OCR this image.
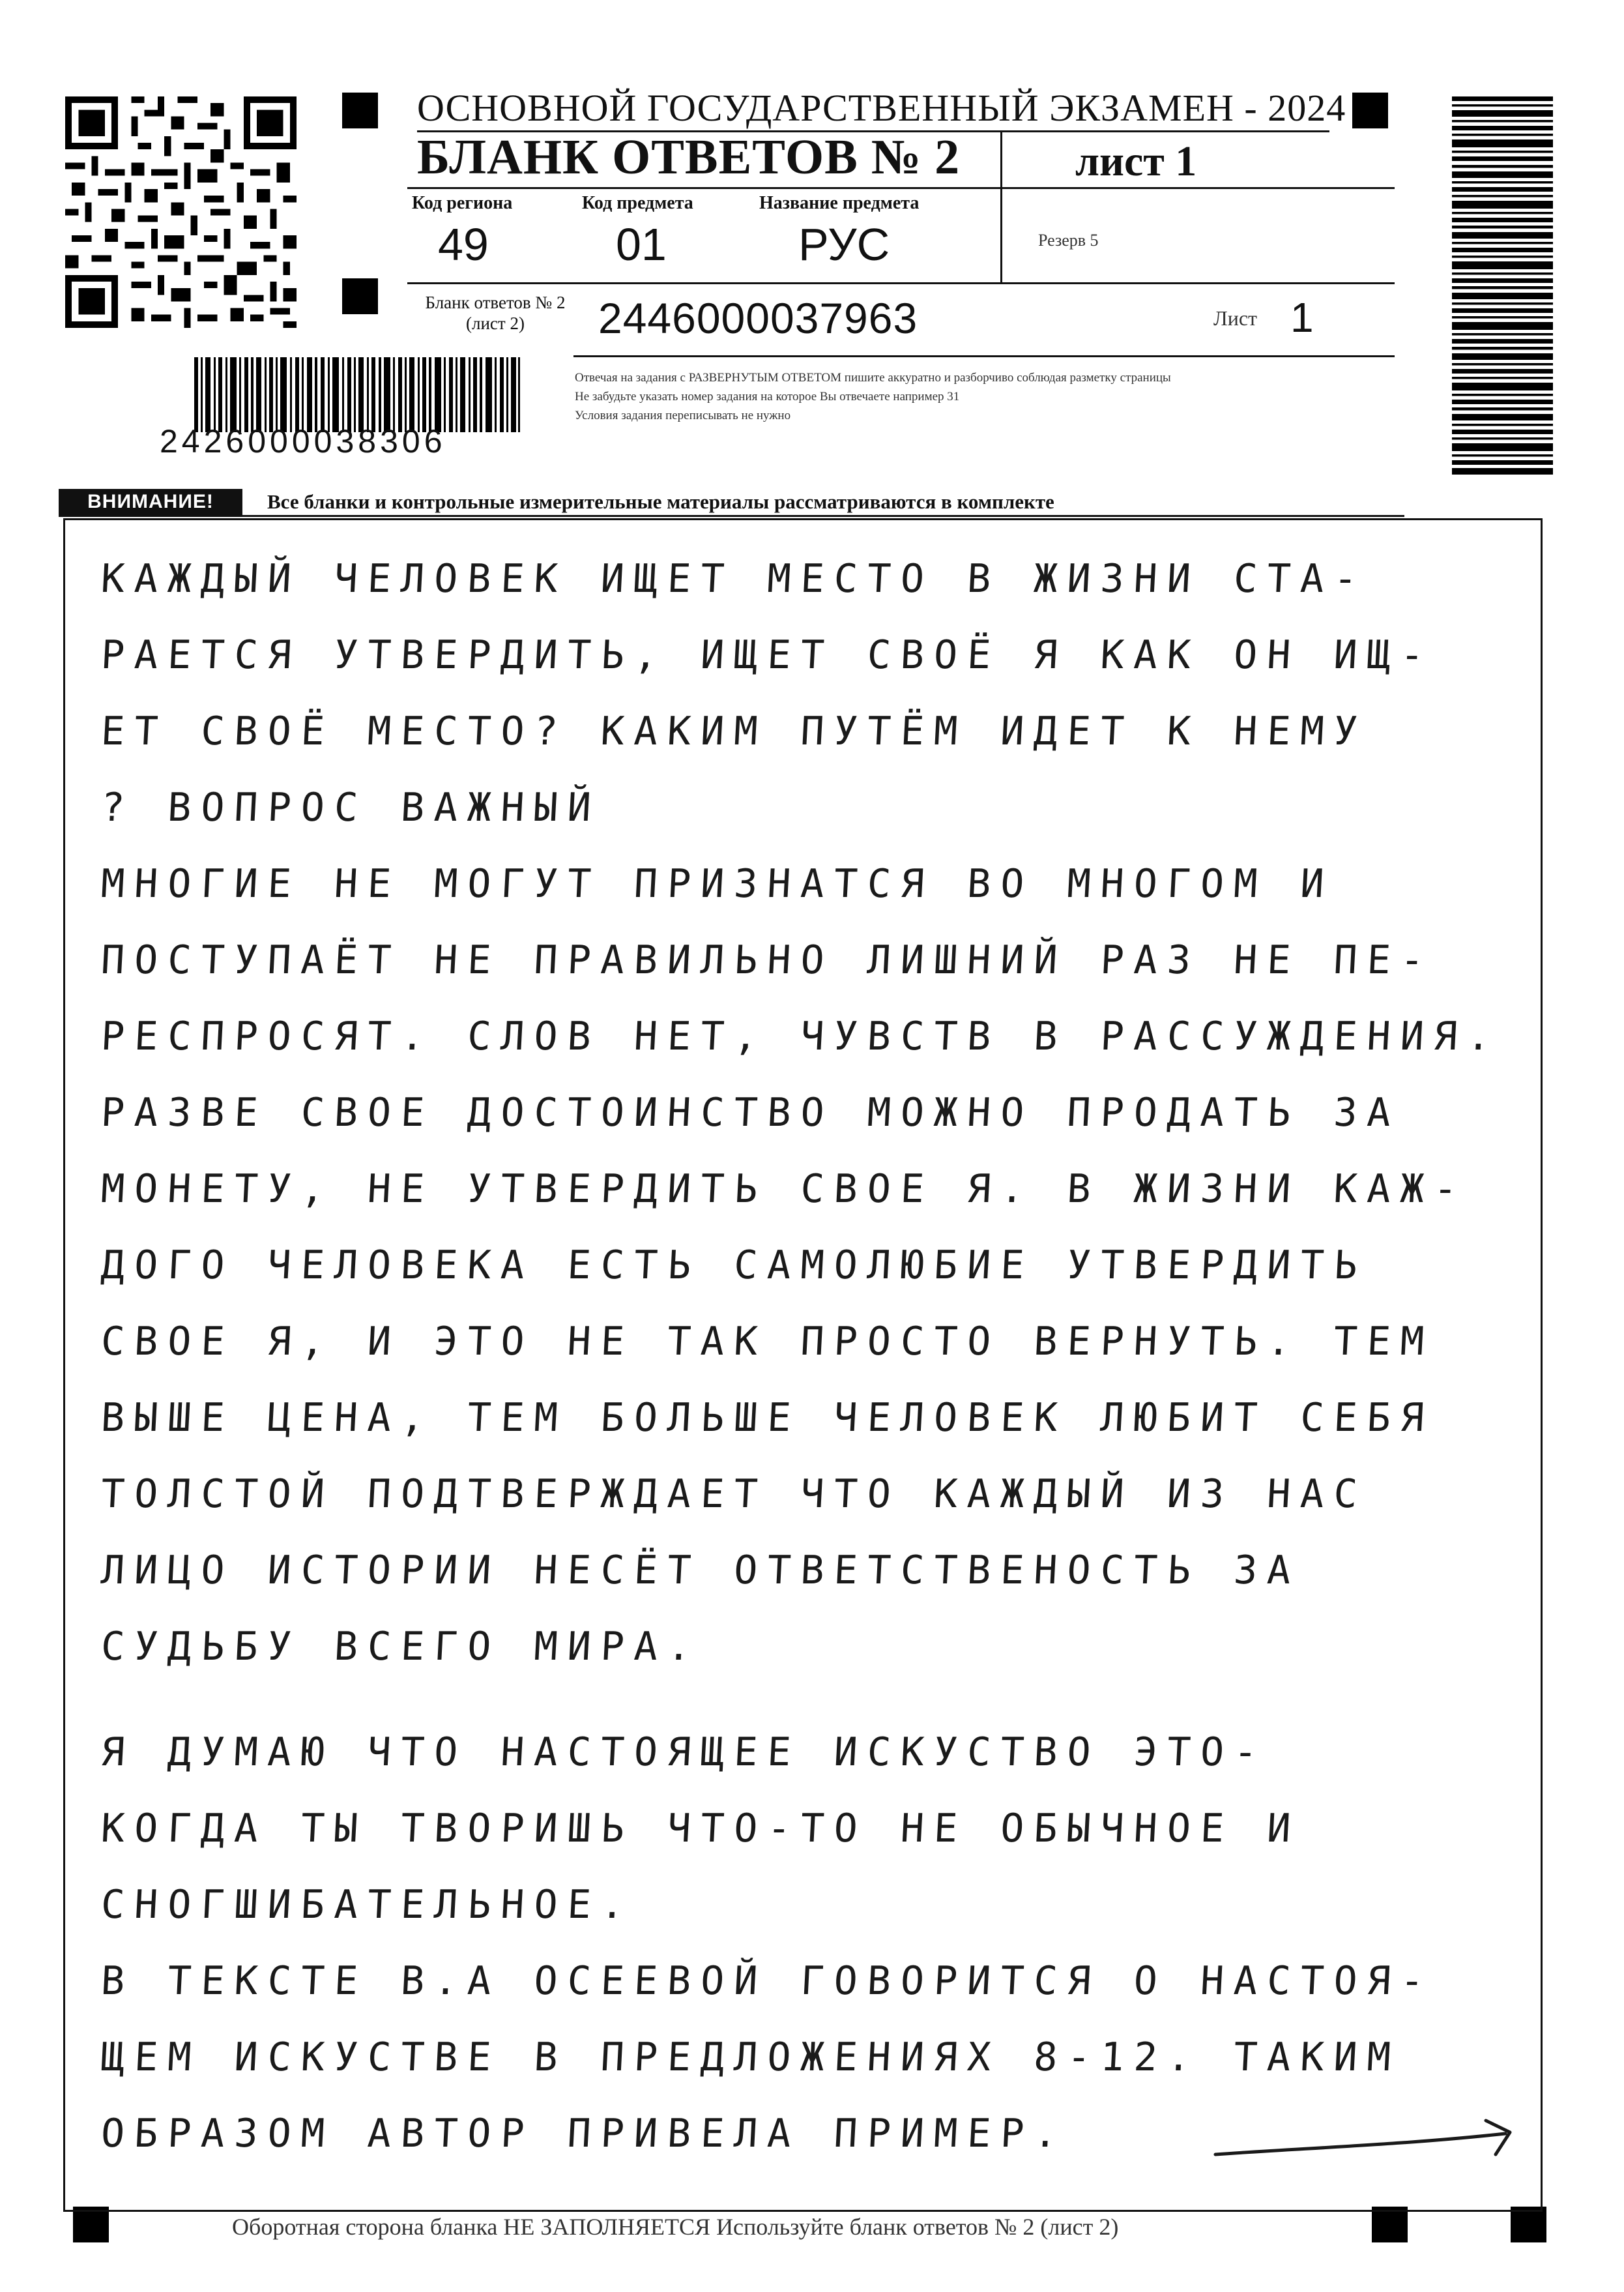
ОСНОВНОЙ ГОСУДАРСТВЕННЫЙ ЭКЗАМЕН - 2024
БЛАНК ОТВЕТОВ № 2	лист 1
Код региона
49
Код предмета
01
Название предмета
РУС	Резерв 5
Бланк ответов № 2
(лист 2)	2446000037963	Лист 1
Отвечая на задания с РАЗВЕРНУТЫМ ОТВЕТОМ пишите аккуратно и разборчиво соблюдая разметку страницы
Не забудьте указать номер задания на которое Вы отвечаете например 31
Условия задания переписывать не нужно
2426000038306
ВНИМАНИЕ!	Все бланки и контрольные измерительные материалы рассматриваются в комплекте
КАЖДЫЙ ЧЕЛОВЕК ИЩЕТ МЕСТО В ЖИЗНИ СТА-
РАЕТСЯ УТВЕРДИТЬ, ИЩЕТ СВОЁ Я КАК ОН ИЩ-
ЕТ СВОЁ МЕСТО? КАКИМ ПУТЁМ ИДЕТ К НЕМУ
? ВОПРОС ВАЖНЫЙ
МНОГИЕ НЕ МОГУТ ПРИЗНАТСЯ ВО МНОГОМ И
ПОСТУПАЁТ НЕ ПРАВИЛЬНО ЛИШНИЙ РАЗ НЕ ПЕ-
РЕСПРОСЯТ. СЛОВ НЕТ, ЧУВСТВ В РАССУЖДЕНИЯ.
РАЗВЕ СВОЕ ДОСТОИНСТВО МОЖНО ПРОДАТЬ ЗА
МОНЕТУ, НЕ УТВЕРДИТЬ СВОЕ Я. В ЖИЗНИ КАЖ-
ДОГО ЧЕЛОВЕКА ЕСТЬ САМОЛЮБИЕ УТВЕРДИТЬ
СВОЕ Я, И ЭТО НЕ ТАК ПРОСТО ВЕРНУТЬ. ТЕМ
ВЫШЕ ЦЕНА, ТЕМ БОЛЬШЕ ЧЕЛОВЕК ЛЮБИТ СЕБЯ
ТОЛСТОЙ ПОДТВЕРЖДАЕТ ЧТО КАЖДЫЙ ИЗ НАС
ЛИЦО ИСТОРИИ НЕСЁТ ОТВЕТСТВЕНОСТЬ ЗА
СУДЬБУ ВСЕГО МИРА.
Я ДУМАЮ ЧТО НАСТОЯЩЕЕ ИСКУСТВО ЭТО-
КОГДА ТЫ ТВОРИШЬ ЧТО-ТО НЕ ОБЫЧНОЕ И
СНОГШИБАТЕЛЬНОЕ.
В ТЕКСТЕ В.А ОСЕЕВОЙ ГОВОРИТСЯ О НАСТОЯ-
ЩЕМ ИСКУСТВЕ В ПРЕДЛОЖЕНИЯХ 8-12. ТАКИМ
ОБРАЗОМ АВТОР ПРИВЕЛА ПРИМЕР.
Оборотная сторона бланка НЕ ЗАПОЛНЯЕТСЯ Используйте бланк ответов № 2 (лист 2)
